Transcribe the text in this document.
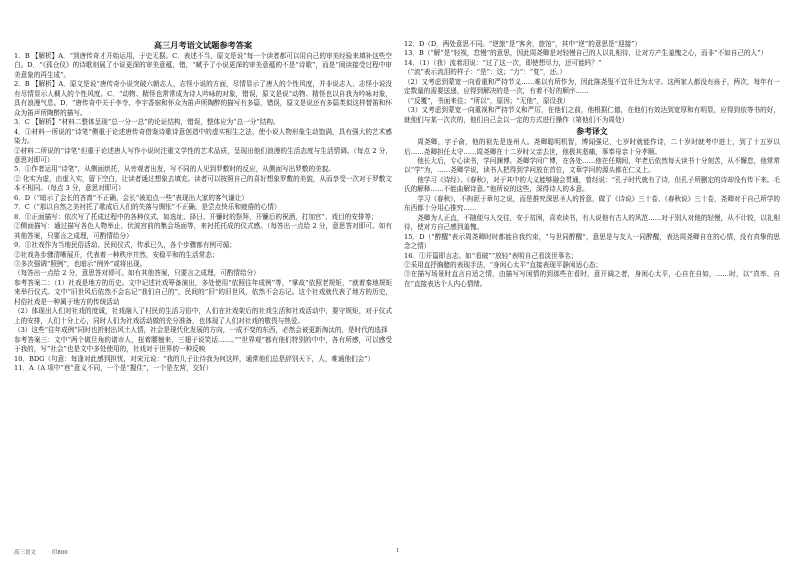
高三月考语文试题参考答案

1．B 【解析】A．“到唐传奇才开始运用，于史无据。C．表述不当，原文是说“每一个读者都可以用自己的审美经验来填补这些空白。D．“《孤仓仪》的诗歌则展了小说更深的审美意蕴，错，“赋予了小说更深的审美意蕴的不是“诗歌”，而是“阅读接受过程中审美意象的再生成”。

2．B 【解析】A．原文是说“唐传奇小说突破六朝志人、志怪小说的方面，尽情显示了唐人的个性风度，并非说志人、志怪小说没有尽情显示人稠人的个性风度。C．“动物、精怪也常常成为诗人吟咏的对象，错误，原文是说“动物、精怪也以自我为吟咏对象，具有浪漫气息。D．“唐传奇中关于李寺、李宇香宿和怀众为笛声所陶醉的描写有多篇，错误，原文是说还有多篇类似这样替笛和怀众为笛声所陶醉的描写。

3．C 【解析】“材料二整体呈现“总一分一总”的论证结构，错误，整体应为“总一分”结构。

4．①材料一所说的“诗笔”侧重于论述唐传奇借鉴诗歌诗意创造中的虚实相生之法，使小说人物形象生动饱满，具有强大的艺术感染力。

②材料二所说的“诗笔”但重于论述唐人写作小说时注重文学性的艺术品质，呈现出他们浪漫的生活态度与生活情调。（每点 2 分，意思对即可）

5．①作者运用“诗笔”，从侧面烘托，从旁观者出发，写不同的人见到罗敷时的反应，从侧面写出罗敷的美貌。

② 化实为虚，由虚入实，留下空白，让读者通过想象去填充。读者可以按照自己的喜好想象罗敷的美貌，从而享受一次对于罗敷文本不相同。（每点 3 分，意思对即可）

6．D（“暗示了会长的吝啬”不正确，会长“被迫点一些”表现出大家的客气谦让）

7．C（“那以自然之美衬托了歌成后人们的失落与惆怅”不正确，是尝点快乐和疲倦的心情）

8．①正面描写：依次写了托成过程中的各种仪式，如选址、择日、开镰时的祭拜，开镰后的祝酒，打加官”、戏目的安排等；

②侧面描写：通过描写各色人物举止、伏波宫前的集会场面等，来衬托托成的仪式感。（每答出一点给 2 分，意思答对即可。如有其他答案，只要言之成理，可酌情给分）

9．①社戏作为当地民俗活动、民间仪式，传承已久，各个步骤都有例可循；

②社戏各步骤清晰展开，代表着一种秩序井然，安稳平和的生活常态；

③多次强调“照例”，也暗示“例外”或将出现。

（每答出一点给 2 分，意思答对即可。如有其他答案，只要言之成理，可酌情给分）

参考答案二：（1）社戏是地方的历史。文中记述社戏筹备演出，多处使用“依照往年成例”等，“掌故”依照老规矩，“就着秦地规矩来举行仪式。文中“旧世风后依然不会忘记“我们自己的”，民间的“旧“的旧世风，依然不会忘记。这个社戏就代表了地方的历史，村俗社戏是一种属于地方的传统活动

（2）体现出人们对社戏的度诚，社戏融入了村民的生活习俗中，人们在社戏架后的社戏生活和社戏活动中，要守规矩，对于仪式上的安排，人们十分上心，同时人们为社戏活动做的充分准备，也体现了人们对社戏的敬畏与热爱。

（3）这些“往年成例”同时也折射出风土人情，社会是现代化发展的方向，一成不变的东西，必然会被更新淘汰的，是时代的选择

参考答案三：文中“两个做旦角的诸市人，扭着腰翘来，三翅子说笑话……。”“世界观”都有他们特别的中中，各有所感，可以感受于我的，写“社会”也是文中多处使用的，社戏对于世界的一种反映

10．BDG（句意：每逢对此感到担忧，对宋元说：“我的儿子让待我为何这样，通常他们总是辞别天下，人，难通他们会”）

11．A（A 项中“巷”意义不同，一个是“握住”，一个是左营，交好）

12．D（D．两处意思不同。“逆旅”是“客舍，旅馆”，其中“逆”的意思是“迎接”）

13．B（“解”是“轻视，怠慢”的意思，因此周尧卿是对轻慢自己的人以礼相待，让对方产生羞愧之心，而非“不如自己的人”）

14．（1）（我）流着泪说：“过了这一次，即使想尽力，还可能吗？”

（“流”表示流泪的样子：“是”：这；“力”：“复”，还。）

（2）又考虑到蒙宽一向看重和严持节义……难以有所作为，因此陈尧叟不宜升迁为太守。这两家人都没有孩子，两次，每年有一定数量的需要送递，应得到解决的是一次，有着不好的顺序……

（“反覆”，书面来往；“所以”，原因；“无他”，原设我）

（3）又考虑到蒙宽一向重视和严持节义和严厉，在他们之前，他根据仁德，在他们有效达到宽厚和有明显，应得到依等书的好，就他们与某一次次的，他们自己会以一定的方式进行操作（第他们不为周处）

参考译文

周尧卿，字子俞，他的祖先是连州人。尧卿聪明机智，博闻强记，七岁时就能作诗，二十岁时就考中进士，到了十五岁以后……尧卿担任太守……周尧卿在十二岁时父亲去世，他极其悲痛，事奉母亲十分孝顺。

他长大后，专心读书，学问渊博。尧卿学问广博，在各处……他在任期间，年老后依然每天读书十分刻苦，从不懈怠，他常常以“学”为，……尧卿学说，读书人把得到学问放在首位，文章学问的源头都在仁义上。

他学习《诗经》、《春秋》，对于其中的大义能够融会贯通，曾经说：“孔子时代就有了诗，但孔子所删定的诗却没有传下来。毛氏的解释……不能曲解诗意。”他所说的这些，深得诗人的本意。

学习《春秋》，不拘泥于章句之说，而是推究深思圣人的旨意，做了《诗说》三十卷、《春秋说》三十卷，尧卿对于自己所学的东西都十分用心推究……

尧卿为人正直，不随便与人交往，安于贫困，喜欢读书，有人说他有古人的风范……对于别人对他的轻慢，从不计较，以礼相待，使对方自己感到羞愧。

15．D（“醉醒”表示周尧卿时时都能自我约束，“与世同醉醒”，意思是与友人一同醉醒，表达周尧卿自在的心情，没有真挚的思念之情）

16．①开篇即言志。如“看破”“放轻”表明自己看淡世事名；

②采用直抒胸臆的表现手法，“身闲心太平”直接表现平静闲适心态；

③在描写场景时直言自适之情，由描写写闲情的到那些在看时，意开阔之者，身闲心太平，心自在自如，……时，以“真率、自在”直接表达个人内心情绪。

高三语文	印800	1
